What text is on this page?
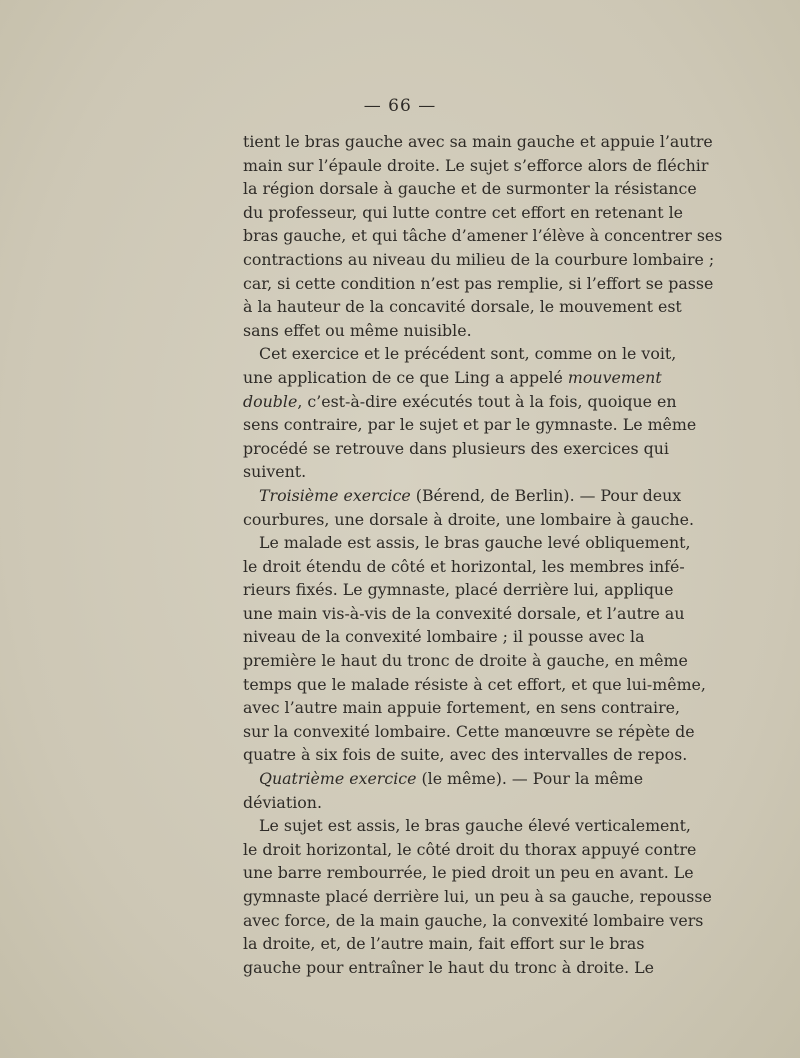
— 66 —
tient le bras gauche avec sa main gauche et appuie l’autre
main sur l’épaule droite. Le sujet s’efforce alors de fléchir
la région dorsale à gauche et de surmonter la résistance
du professeur, qui lutte contre cet effort en retenant le
bras gauche, et qui tâche d’amener l’élève à concentrer ses
contractions au niveau du milieu de la courbure lombaire ;
car, si cette condition n’est pas remplie, si l’effort se passe
à la hauteur de la concavité dorsale, le mouvement est
sans effet ou même nuisible.
Cet exercice et le précédent sont, comme on le voit,
une application de ce que Ling a appelé mouvement
double, c’est-à-dire exécutés tout à la fois, quoique en
sens contraire, par le sujet et par le gymnaste. Le même
procédé se retrouve dans plusieurs des exercices qui
suivent.
Troisième exercice (Bérend, de Berlin). — Pour deux
courbures, une dorsale à droite, une lombaire à gauche.
Le malade est assis, le bras gauche levé obliquement,
le droit étendu de côté et horizontal, les membres infé-
rieurs fixés. Le gymnaste, placé derrière lui, applique
une main vis-à-vis de la convexité dorsale, et l’autre au
niveau de la convexité lombaire ; il pousse avec la
première le haut du tronc de droite à gauche, en même
temps que le malade résiste à cet effort, et que lui-même,
avec l’autre main appuie fortement, en sens contraire,
sur la convexité lombaire. Cette manœuvre se répète de
quatre à six fois de suite, avec des intervalles de repos.
Quatrième exercice (le même). — Pour la même
déviation.
Le sujet est assis, le bras gauche élevé verticalement,
le droit horizontal, le côté droit du thorax appuyé contre
une barre rembourrée, le pied droit un peu en avant. Le
gymnaste placé derrière lui, un peu à sa gauche, repousse
avec force, de la main gauche, la convexité lombaire vers
la droite, et, de l’autre main, fait effort sur le bras
gauche pour entraîner le haut du tronc à droite. Le
